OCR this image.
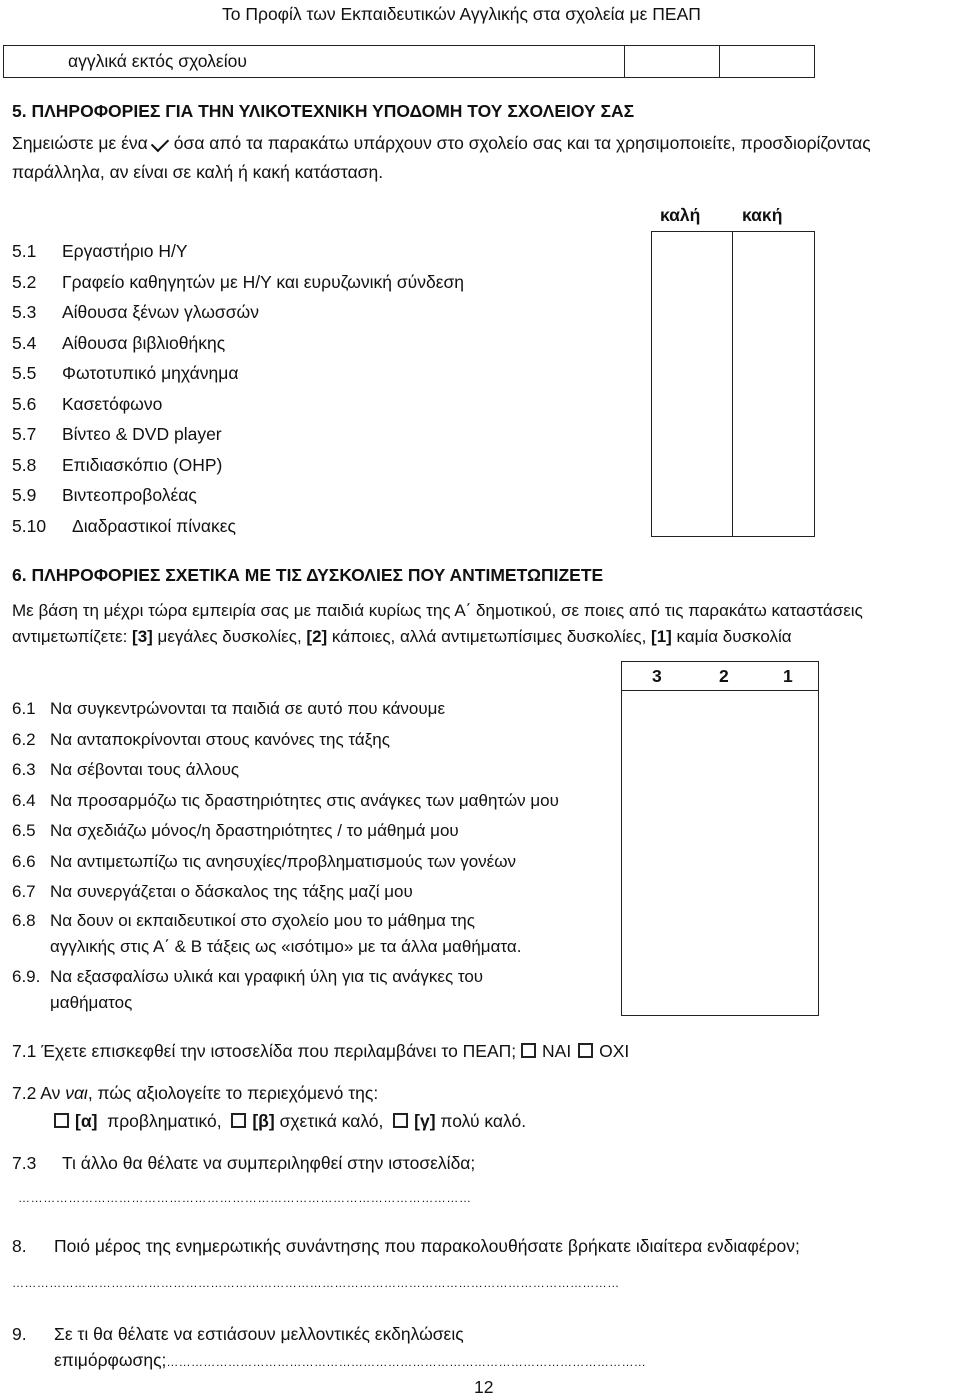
Το Προφίλ των Εκπαιδευτικών Αγγλικής στα σχολεία με ΠΕΑΠ
αγγλικά εκτός σχολείου
5. ΠΛΗΡΟΦΟΡΙΕΣ ΓΙΑ ΤΗΝ ΥΛΙΚΟΤΕΧΝΙΚΗ ΥΠΟΔΟΜΗ ΤΟΥ ΣΧΟΛΕΙΟΥ ΣΑΣ
Σημειώστε με ένα όσα από τα παρακάτω υπάρχουν στο σχολείο σας και τα χρησιμοποιείτε, προσδιορίζοντας
παράλληλα, αν είναι σε καλή ή κακή κατάσταση.
καλή κακή
5.1 Εργαστήριο Η/Υ
5.2 Γραφείο καθηγητών με Η/Υ και ευρυζωνική σύνδεση
5.3 Αίθουσα ξένων γλωσσών
5.4 Αίθουσα βιβλιοθήκης
5.5 Φωτοτυπικό μηχάνημα
5.6 Κασετόφωνο
5.7 Βίντεο & DVD player
5.8 Επιδιασκόπιο (OHP)
5.9 Βιντεοπροβολέας
5.10 Διαδραστικοί πίνακες
6. ΠΛΗΡΟΦΟΡΙΕΣ ΣΧΕΤΙΚΑ ΜΕ ΤΙΣ ΔΥΣΚΟΛΙΕΣ ΠΟΥ ΑΝΤΙΜΕΤΩΠΙΖΕΤΕ
Με βάση τη μέχρι τώρα εμπειρία σας με παιδιά κυρίως της Α΄ δημοτικού, σε ποιες από τις παρακάτω καταστάσεις
αντιμετωπίζετε: [3] μεγάλες δυσκολίες, [2] κάποιες, αλλά αντιμετωπίσιμες δυσκολίες, [1] καμία δυσκολία
3	2	1
6.1 Να συγκεντρώνονται τα παιδιά σε αυτό που κάνουμε
6.2 Να ανταποκρίνονται στους κανόνες της τάξης
6.3 Να σέβονται τους άλλους
6.4 Να προσαρμόζω τις δραστηριότητες στις ανάγκες των μαθητών μου
6.5 Να σχεδιάζω μόνος/η δραστηριότητες / το μάθημά μου
6.6 Να αντιμετωπίζω τις ανησυχίες/προβληματισμούς των γονέων
6.7 Να συνεργάζεται ο δάσκαλος της τάξης μαζί μου
6.8 Να δουν οι εκπαιδευτικοί στο σχολείο μου το μάθημα της
αγγλικής στις Α΄ & Β τάξεις ως «ισότιμο» με τα άλλα μαθήματα.
6.9. Να εξασφαλίσω υλικά και γραφική ύλη για τις ανάγκες του
μαθήματος
7.1 Έχετε επισκεφθεί την ιστοσελίδα που περιλαμβάνει το ΠΕΑΠ; ΝΑΙ ΟΧΙ
7.2 Αν ναι, πώς αξιολογείτε το περιεχόμενό της:
[α] προβληματικό, [β] σχετικά καλό, [γ] πολύ καλό.
7.3 Τι άλλο θα θέλατε να συμπεριληφθεί στην ιστοσελίδα;
………………………………………………………………………………………………
8. Ποιό μέρος της ενημερωτικής συνάντησης που παρακολουθήσατε βρήκατε ιδιαίτερα ενδιαφέρον;
…………………………………………………………………………………………………………………………………
9. Σε τι θα θέλατε να εστιάσουν μελλοντικές εκδηλώσεις
επιμόρφωσης;………………………………………………………………………………………………………
12
